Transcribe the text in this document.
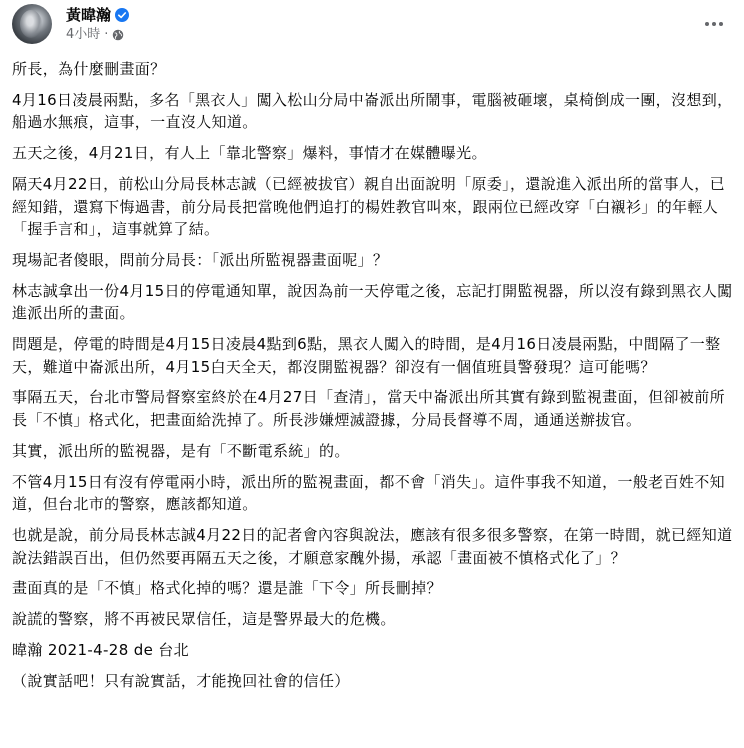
黃暐瀚
4小時 ·

所長，為什麼刪畫面？

4月16日凌晨兩點，多名「黑衣人」闖入松山分局中崙派出所鬧事，電腦被砸壞，桌椅倒成一團，沒想到，船過水無痕，這事，一直沒人知道。

五天之後，4月21日，有人上「靠北警察」爆料，事情才在媒體曝光。

隔天4月22日，前松山分局長林志誠（已經被拔官）親自出面說明「原委」，還說進入派出所的當事人，已經知錯，還寫下悔過書，前分局長把當晚他們追打的楊姓教官叫來，跟兩位已經改穿「白襯衫」的年輕人「握手言和」，這事就算了結。

現場記者傻眼，問前分局長：「派出所監視器畫面呢」？

林志誠拿出一份4月15日的停電通知單，說因為前一天停電之後，忘記打開監視器，所以沒有錄到黑衣人闖進派出所的畫面。

問題是，停電的時間是4月15日凌晨4點到6點，黑衣人闖入的時間，是4月16日凌晨兩點，中間隔了一整天，難道中崙派出所，4月15白天全天，都沒開監視器？卻沒有一個值班員警發現？這可能嗎？

事隔五天，台北市警局督察室終於在4月27日「查清」，當天中崙派出所其實有錄到監視畫面，但卻被前所長「不慎」格式化，把畫面給洗掉了。所長涉嫌煙滅證據，分局長督導不周，通通送辦拔官。

其實，派出所的監視器，是有「不斷電系統」的。

不管4月15日有沒有停電兩小時，派出所的監視畫面，都不會「消失」。這件事我不知道，一般老百姓不知道，但台北市的警察，應該都知道。

也就是說，前分局長林志誠4月22日的記者會內容與說法，應該有很多很多警察，在第一時間，就已經知道說法錯誤百出，但仍然要再隔五天之後，才願意家醜外揚，承認「畫面被不慎格式化了」？

畫面真的是「不慎」格式化掉的嗎？還是誰「下令」所長刪掉？

說謊的警察，將不再被民眾信任，這是警界最大的危機。

暐瀚 2021-4-28 de 台北

（說實話吧！只有說實話，才能挽回社會的信任）
